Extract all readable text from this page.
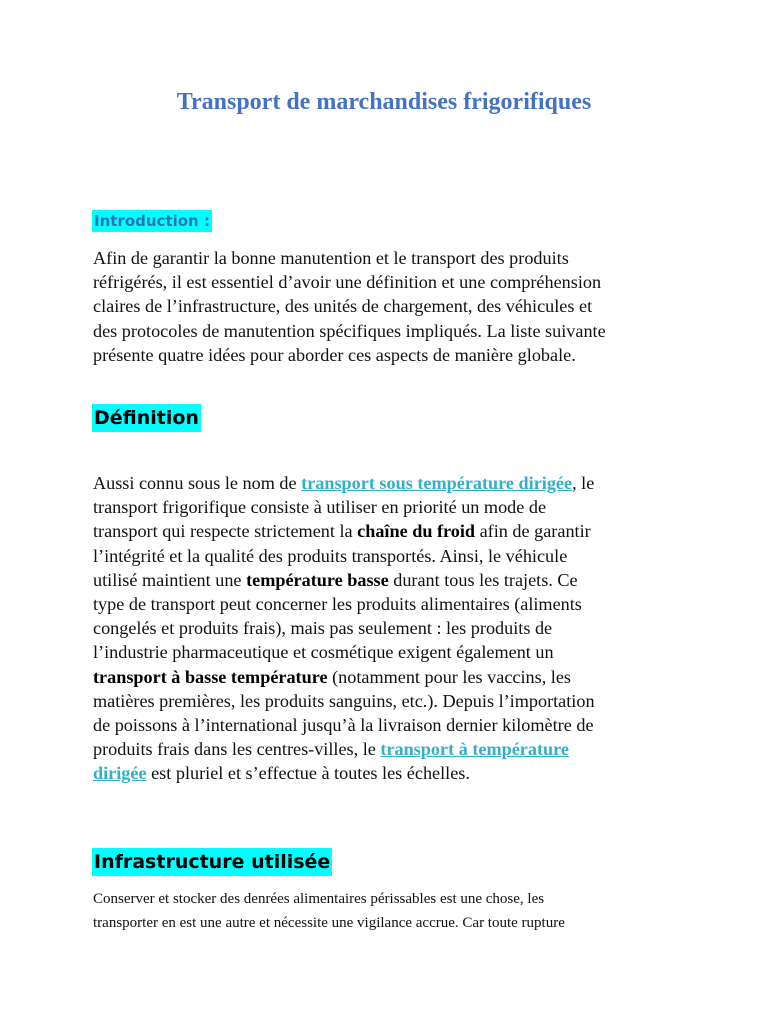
Transport de marchandises frigorifiques
Introduction :

Afin de garantir la bonne manutention et le transport des produits
réfrigérés, il est essentiel d’avoir une définition et une compréhension
claires de l’infrastructure, des unités de chargement, des véhicules et
des protocoles de manutention spécifiques impliqués. La liste suivante
présente quatre idées pour aborder ces aspects de manière globale.

Définition

Aussi connu sous le nom de transport sous température dirigée, le
transport frigorifique consiste à utiliser en priorité un mode de
transport qui respecte strictement la chaîne du froid afin de garantir
l’intégrité et la qualité des produits transportés. Ainsi, le véhicule
utilisé maintient une température basse durant tous les trajets. Ce
type de transport peut concerner les produits alimentaires (aliments
congelés et produits frais), mais pas seulement : les produits de
l’industrie pharmaceutique et cosmétique exigent également un
transport à basse température (notamment pour les vaccins, les
matières premières, les produits sanguins, etc.). Depuis l’importation
de poissons à l’international jusqu’à la livraison dernier kilomètre de
produits frais dans les centres-villes, le transport à température
dirigée est pluriel et s’effectue à toutes les échelles.

Infrastructure utilisée

Conserver et stocker des denrées alimentaires périssables est une chose, les
transporter en est une autre et nécessite une vigilance accrue. Car toute rupture
